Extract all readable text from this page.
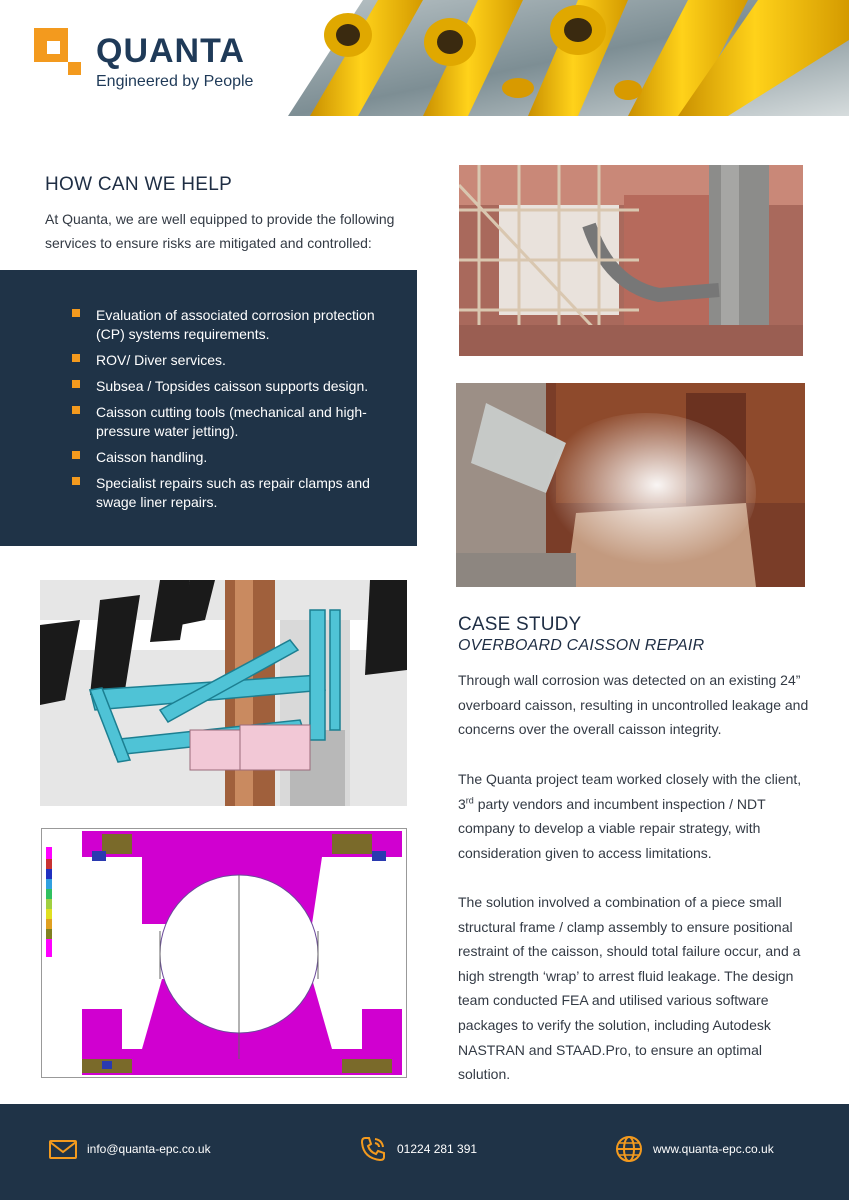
QUANTA
Engineered by People
HOW CAN WE HELP
At Quanta, we are well equipped to provide the following services to ensure risks are mitigated and controlled:
Evaluation of associated corrosion protection (CP) systems requirements.
ROV/ Diver services.
Subsea / Topsides caisson supports design.
Caisson cutting tools (mechanical and high-pressure water jetting).
Caisson handling.
Specialist repairs such as repair clamps and swage liner repairs.
CASE STUDY
OVERBOARD CAISSON REPAIR

Through wall corrosion was detected on an existing 24” overboard caisson, resulting in uncontrolled leakage and concerns over the overall caisson integrity.

The Quanta project team worked closely with the client, 3rd party vendors and incumbent inspection / NDT company to develop a viable repair strategy, with consideration given to access limitations.

The solution involved a combination of a piece small structural frame / clamp assembly to ensure positional restraint of the caisson, should total failure occur, and a high strength ‘wrap’ to arrest fluid leakage. The design team conducted FEA and utilised various software packages to verify the solution, including Autodesk NASTRAN and STAAD.Pro, to ensure an optimal solution.

info@quanta-epc.co.uk	01224 281 391	www.quanta-epc.co.uk
